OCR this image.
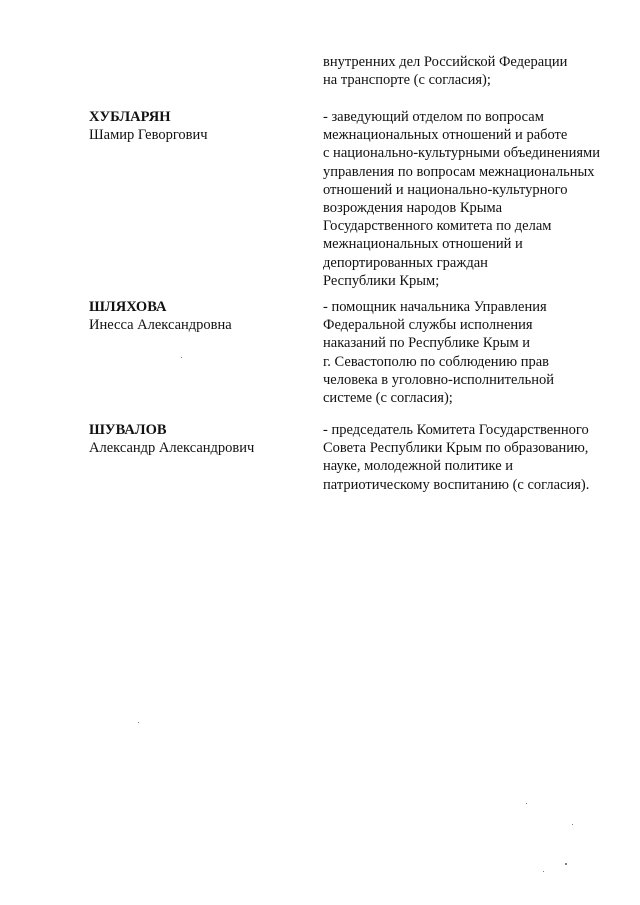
внутренних дел Российской Федерации
на транспорте (с согласия);
ХУБЛАРЯН
Шамир Геворгович
- заведующий отделом по вопросам
межнациональных отношений и работе
с национально-культурными объединениями
управления по вопросам межнациональных
отношений и национально-культурного
возрождения народов Крыма
Государственного комитета по делам
межнациональных отношений и
депортированных граждан
Республики Крым;
ШЛЯХОВА
Инесса Александровна
- помощник начальника Управления
Федеральной службы исполнения
наказаний по Республике Крым и
г. Севастополю по соблюдению прав
человека в уголовно-исполнительной
системе (с согласия);
ШУВАЛОВ
Александр Александрович
- председатель Комитета Государственного
Совета Республики Крым по образованию,
науке, молодежной политике и
патриотическому воспитанию (с согласия).
